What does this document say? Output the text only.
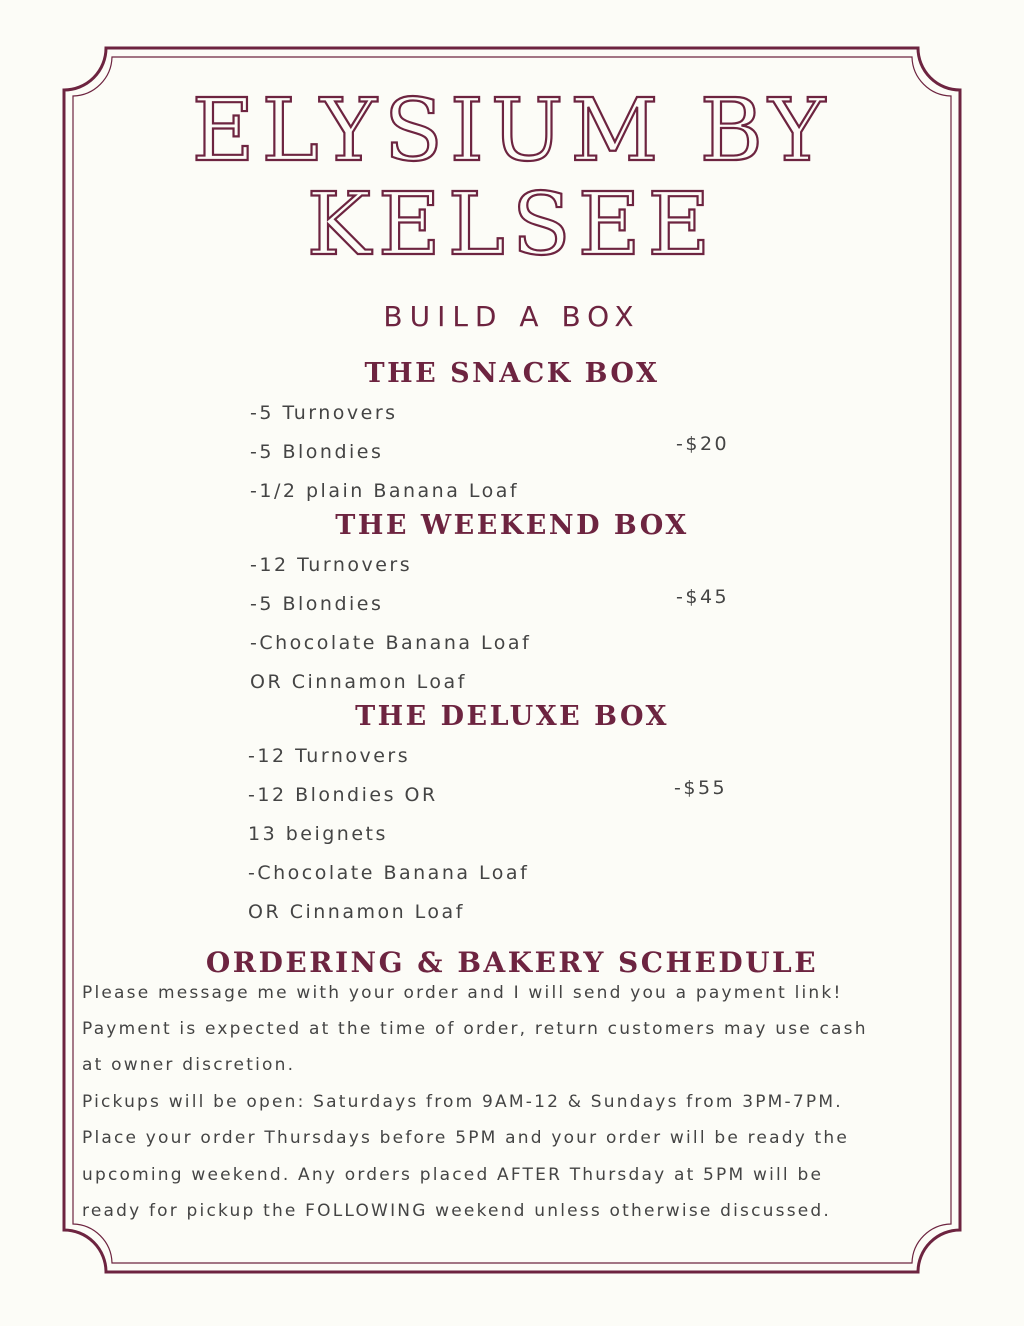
ELYSIUM BY
KELSEE
BUILD A BOX
THE SNACK BOX
-5 Turnovers
-5 Blondies
-1/2 plain Banana Loaf
-$20
THE WEEKEND BOX
-12 Turnovers
-5 Blondies
-Chocolate Banana Loaf
OR Cinnamon Loaf
-$45
THE DELUXE BOX
-12 Turnovers
-12 Blondies OR
13 beignets
-Chocolate Banana Loaf
OR Cinnamon Loaf
-$55
ORDERING & BAKERY SCHEDULE
Please message me with your order and I will send you a payment link!
Payment is expected at the time of order, return customers may use cash
at owner discretion.
Pickups will be open: Saturdays from 9AM-12 & Sundays from 3PM-7PM.
Place your order Thursdays before 5PM and your order will be ready the
upcoming weekend. Any orders placed AFTER Thursday at 5PM will be
ready for pickup the FOLLOWING weekend unless otherwise discussed.
